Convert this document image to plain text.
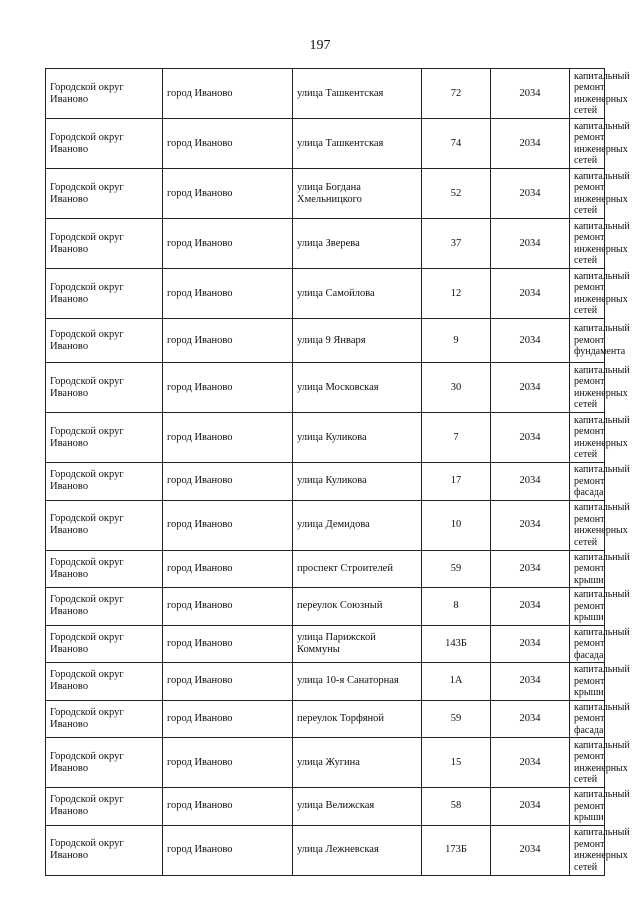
197
Городской округ Иваново	город Иваново	улица Ташкентская	72	2034	капитальный ремонт инженерных сетей
Городской округ Иваново	город Иваново	улица Ташкентская	74	2034	капитальный ремонт инженерных сетей
Городской округ Иваново	город Иваново	улица Богдана Хмельницкого	52	2034	капитальный ремонт инженерных сетей
Городской округ Иваново	город Иваново	улица Зверева	37	2034	капитальный ремонт инженерных сетей
Городской округ Иваново	город Иваново	улица Самойлова	12	2034	капитальный ремонт инженерных сетей
Городской округ Иваново	город Иваново	улица 9 Января	9	2034	капитальный ремонт фундамента
Городской округ Иваново	город Иваново	улица Московская	30	2034	капитальный ремонт инженерных сетей
Городской округ Иваново	город Иваново	улица Куликова	7	2034	капитальный ремонт инженерных сетей
Городской округ Иваново	город Иваново	улица Куликова	17	2034	капитальный ремонт фасада
Городской округ Иваново	город Иваново	улица Демидова	10	2034	капитальный ремонт инженерных сетей
Городской округ Иваново	город Иваново	проспект Строителей	59	2034	капитальный ремонт крыши
Городской округ Иваново	город Иваново	переулок Союзный	8	2034	капитальный ремонт крыши
Городской округ Иваново	город Иваново	улица Парижской Коммуны	143Б	2034	капитальный ремонт фасада
Городской округ Иваново	город Иваново	улица 10-я Санаторная	1А	2034	капитальный ремонт крыши
Городской округ Иваново	город Иваново	переулок Торфяной	59	2034	капитальный ремонт фасада
Городской округ Иваново	город Иваново	улица Жугина	15	2034	капитальный ремонт инженерных сетей
Городской округ Иваново	город Иваново	улица Велижская	58	2034	капитальный ремонт крыши
Городской округ Иваново	город Иваново	улица Лежневская	173Б	2034	капитальный ремонт инженерных сетей
